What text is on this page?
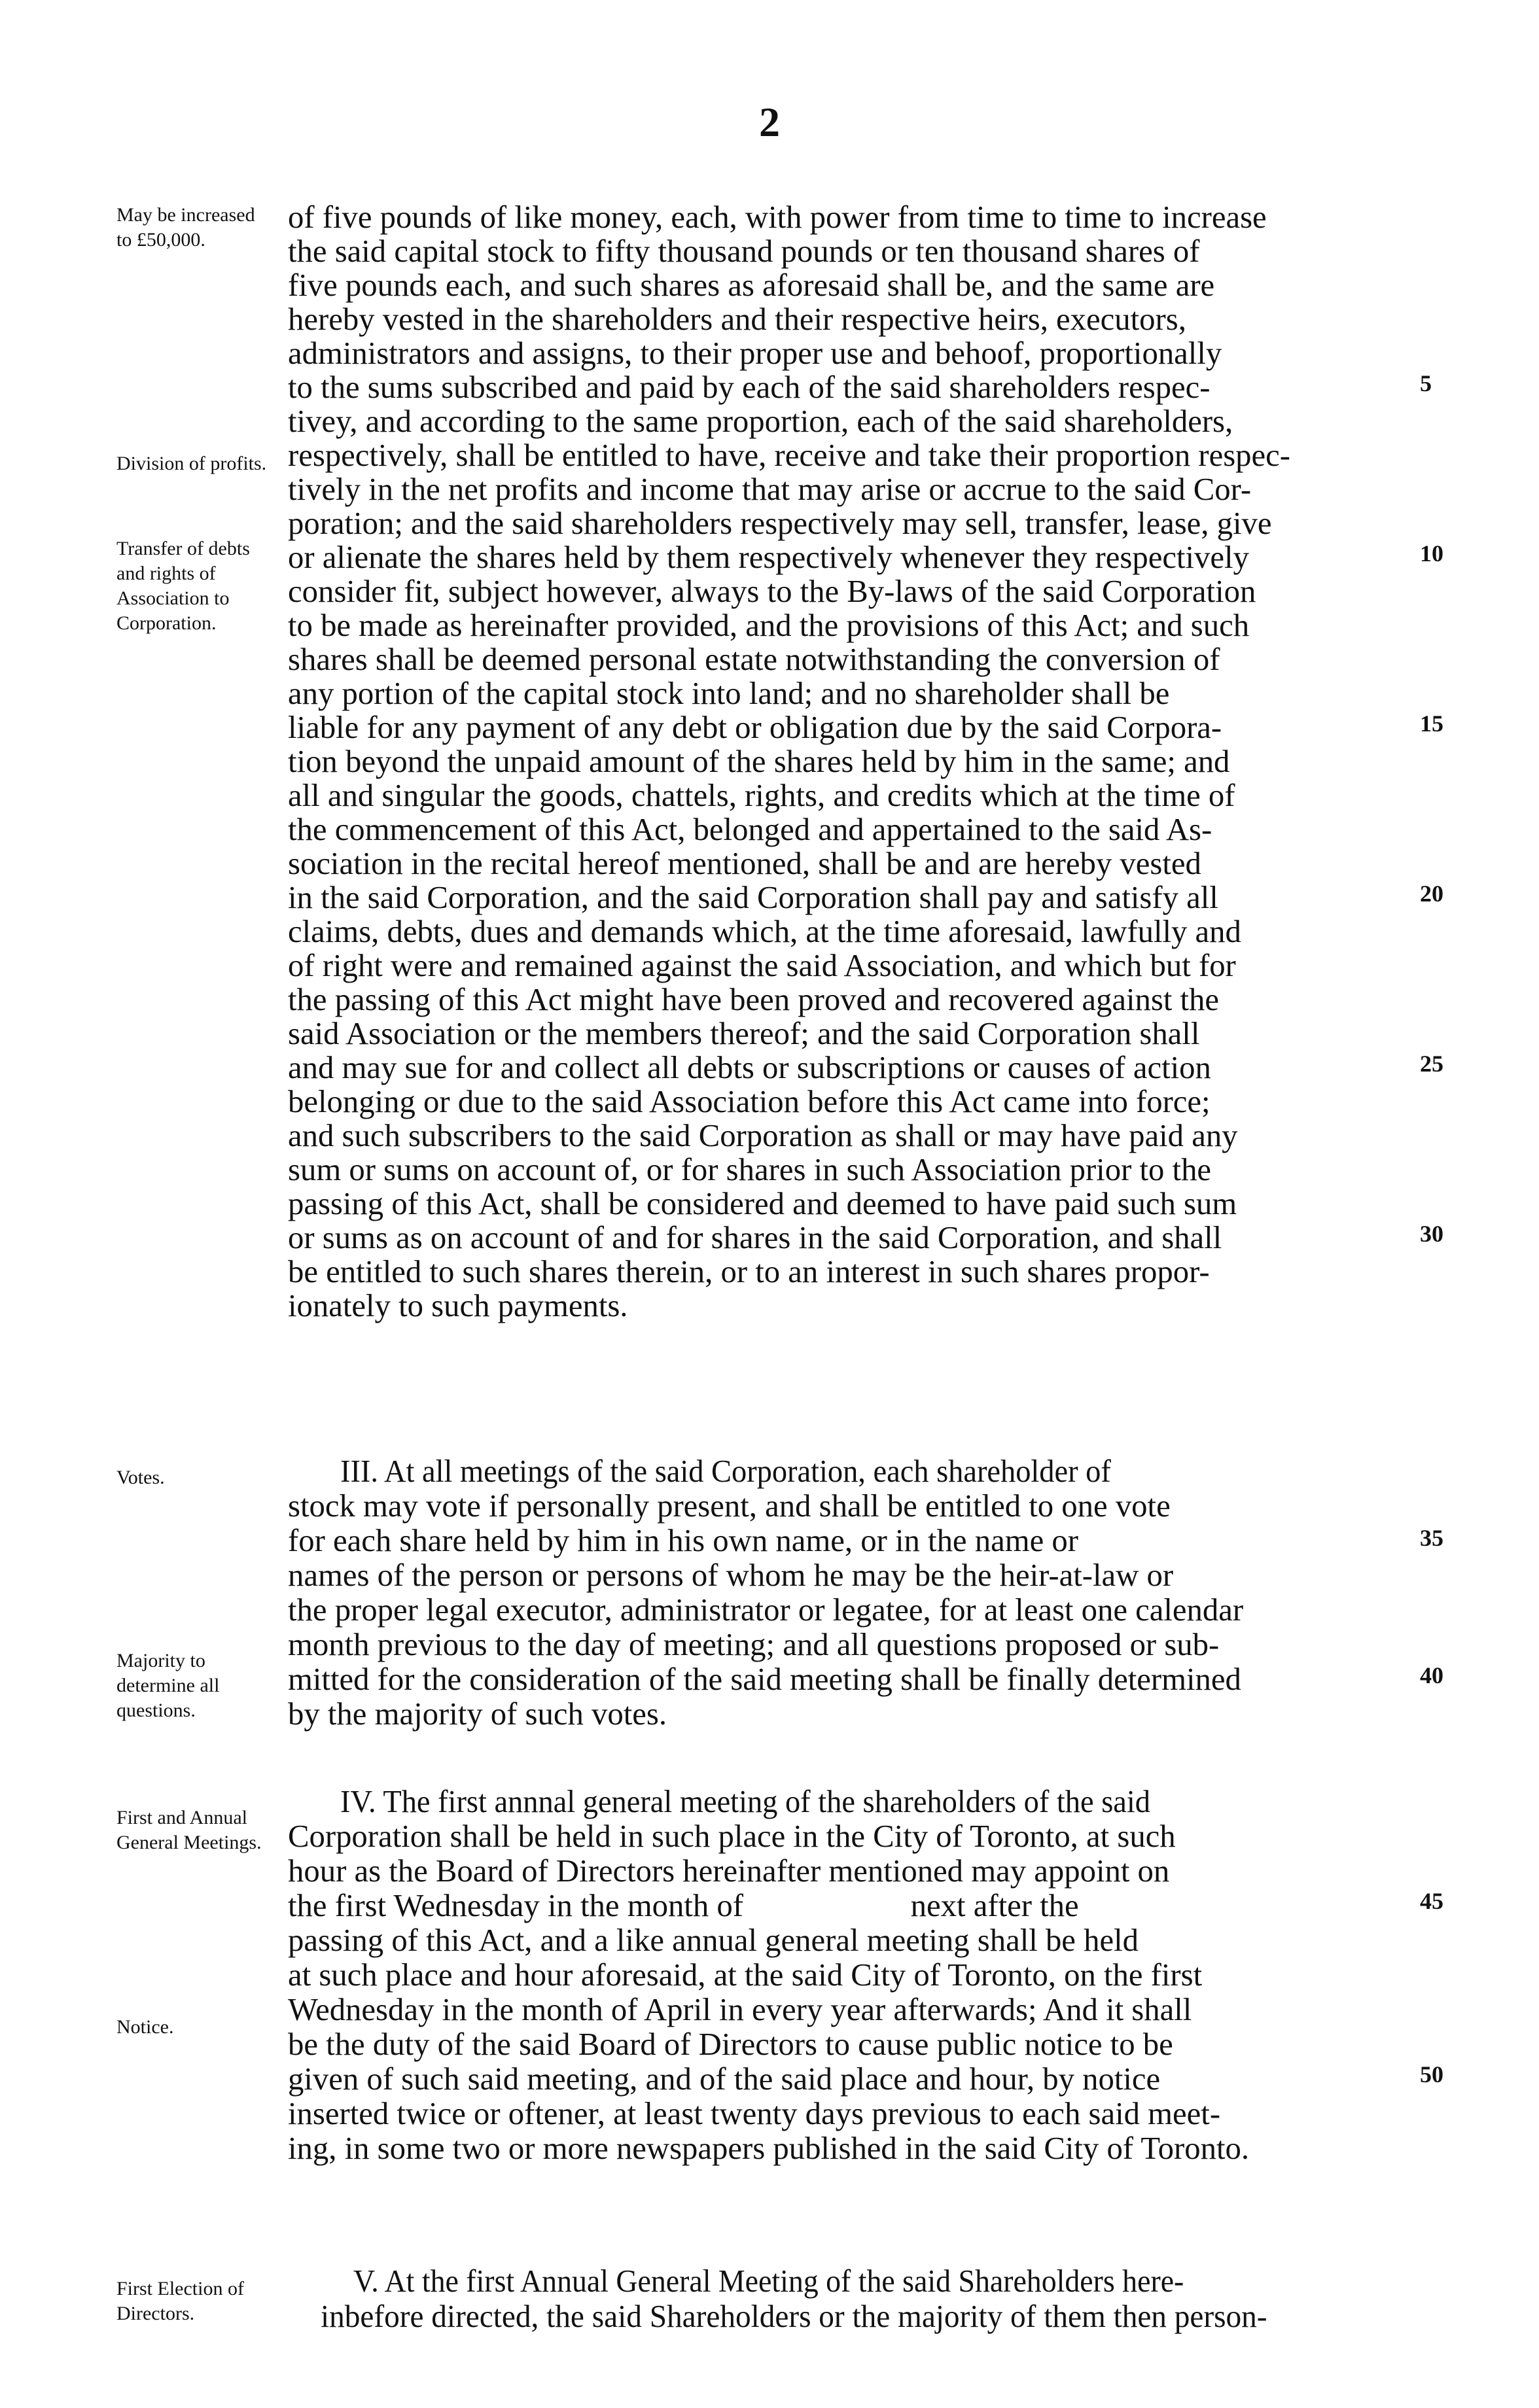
2
May be increased to £50,000.
Division of profits.
Transfer of debts and rights of Association to Corporation.
Votes.
Majority to determine all questions.
First and Annual General Meetings.
Notice.
First Election of Directors.
of five pounds of like money, each, with power from time to time to increase
the said capital stock to fifty thousand pounds or ten thousand shares of
five pounds each, and such shares as aforesaid shall be, and the same are
hereby vested in the shareholders and their respective heirs, executors,
administrators and assigns, to their proper use and behoof, proportionally
to the sums subscribed and paid by each of the said shareholders respec-
tivey, and according to the same proportion, each of the said shareholders,
respectively, shall be entitled to have, receive and take their proportion respec-
tively in the net profits and income that may arise or accrue to the said Cor-
poration; and the said shareholders respectively may sell, transfer, lease, give
or alienate the shares held by them respectively whenever they respectively
consider fit, subject however, always to the By-laws of the said Corporation
to be made as hereinafter provided, and the provisions of this Act; and such
shares shall be deemed personal estate notwithstanding the conversion of
any portion of the capital stock into land; and no shareholder shall be
liable for any payment of any debt or obligation due by the said Corpora-
tion beyond the unpaid amount of the shares held by him in the same; and
all and singular the goods, chattels, rights, and credits which at the time of
the commencement of this Act, belonged and appertained to the said As-
sociation in the recital hereof mentioned, shall be and are hereby vested
in the said Corporation, and the said Corporation shall pay and satisfy all
claims, debts, dues and demands which, at the time aforesaid, lawfully and
of right were and remained against the said Association, and which but for
the passing of this Act might have been proved and recovered against the
said Association or the members thereof; and the said Corporation shall
and may sue for and collect all debts or subscriptions or causes of action
belonging or due to the said Association before this Act came into force;
and such subscribers to the said Corporation as shall or may have paid any
sum or sums on account of, or for shares in such Association prior to the
passing of this Act, shall be considered and deemed to have paid such sum
or sums as on account of and for shares in the said Corporation, and shall
be entitled to such shares therein, or to an interest in such shares propor-
ionately to such payments.
III. At all meetings of the said Corporation, each shareholder of
stock may vote if personally present, and shall be entitled to one vote
for each share held by him in his own name, or in the name or
names of the person or persons of whom he may be the heir-at-law or
the proper legal executor, administrator or legatee, for at least one calendar
month previous to the day of meeting; and all questions proposed or sub-
mitted for the consideration of the said meeting shall be finally determined
by the majority of such votes.
IV. The first annnal general meeting of the shareholders of the said
Corporation shall be held in such place in the City of Toronto, at such
hour as the Board of Directors hereinafter mentioned may appoint on
the first Wednesday in the month of                     next after the
passing of this Act, and a like annual general meeting shall be held
at such place and hour aforesaid, at the said City of Toronto, on the first
Wednesday in the month of April in every year afterwards; And it shall
be the duty of the said Board of Directors to cause public notice to be
given of such said meeting, and of the said place and hour, by notice
inserted twice or oftener, at least twenty days previous to each said meet-
ing, in some two or more newspapers published in the said City of Toronto.
V. At the first Annual General Meeting of the said Shareholders here-
inbefore directed, the said Shareholders or the majority of them then person-
5
10
15
20
25
30
35
40
45
50
